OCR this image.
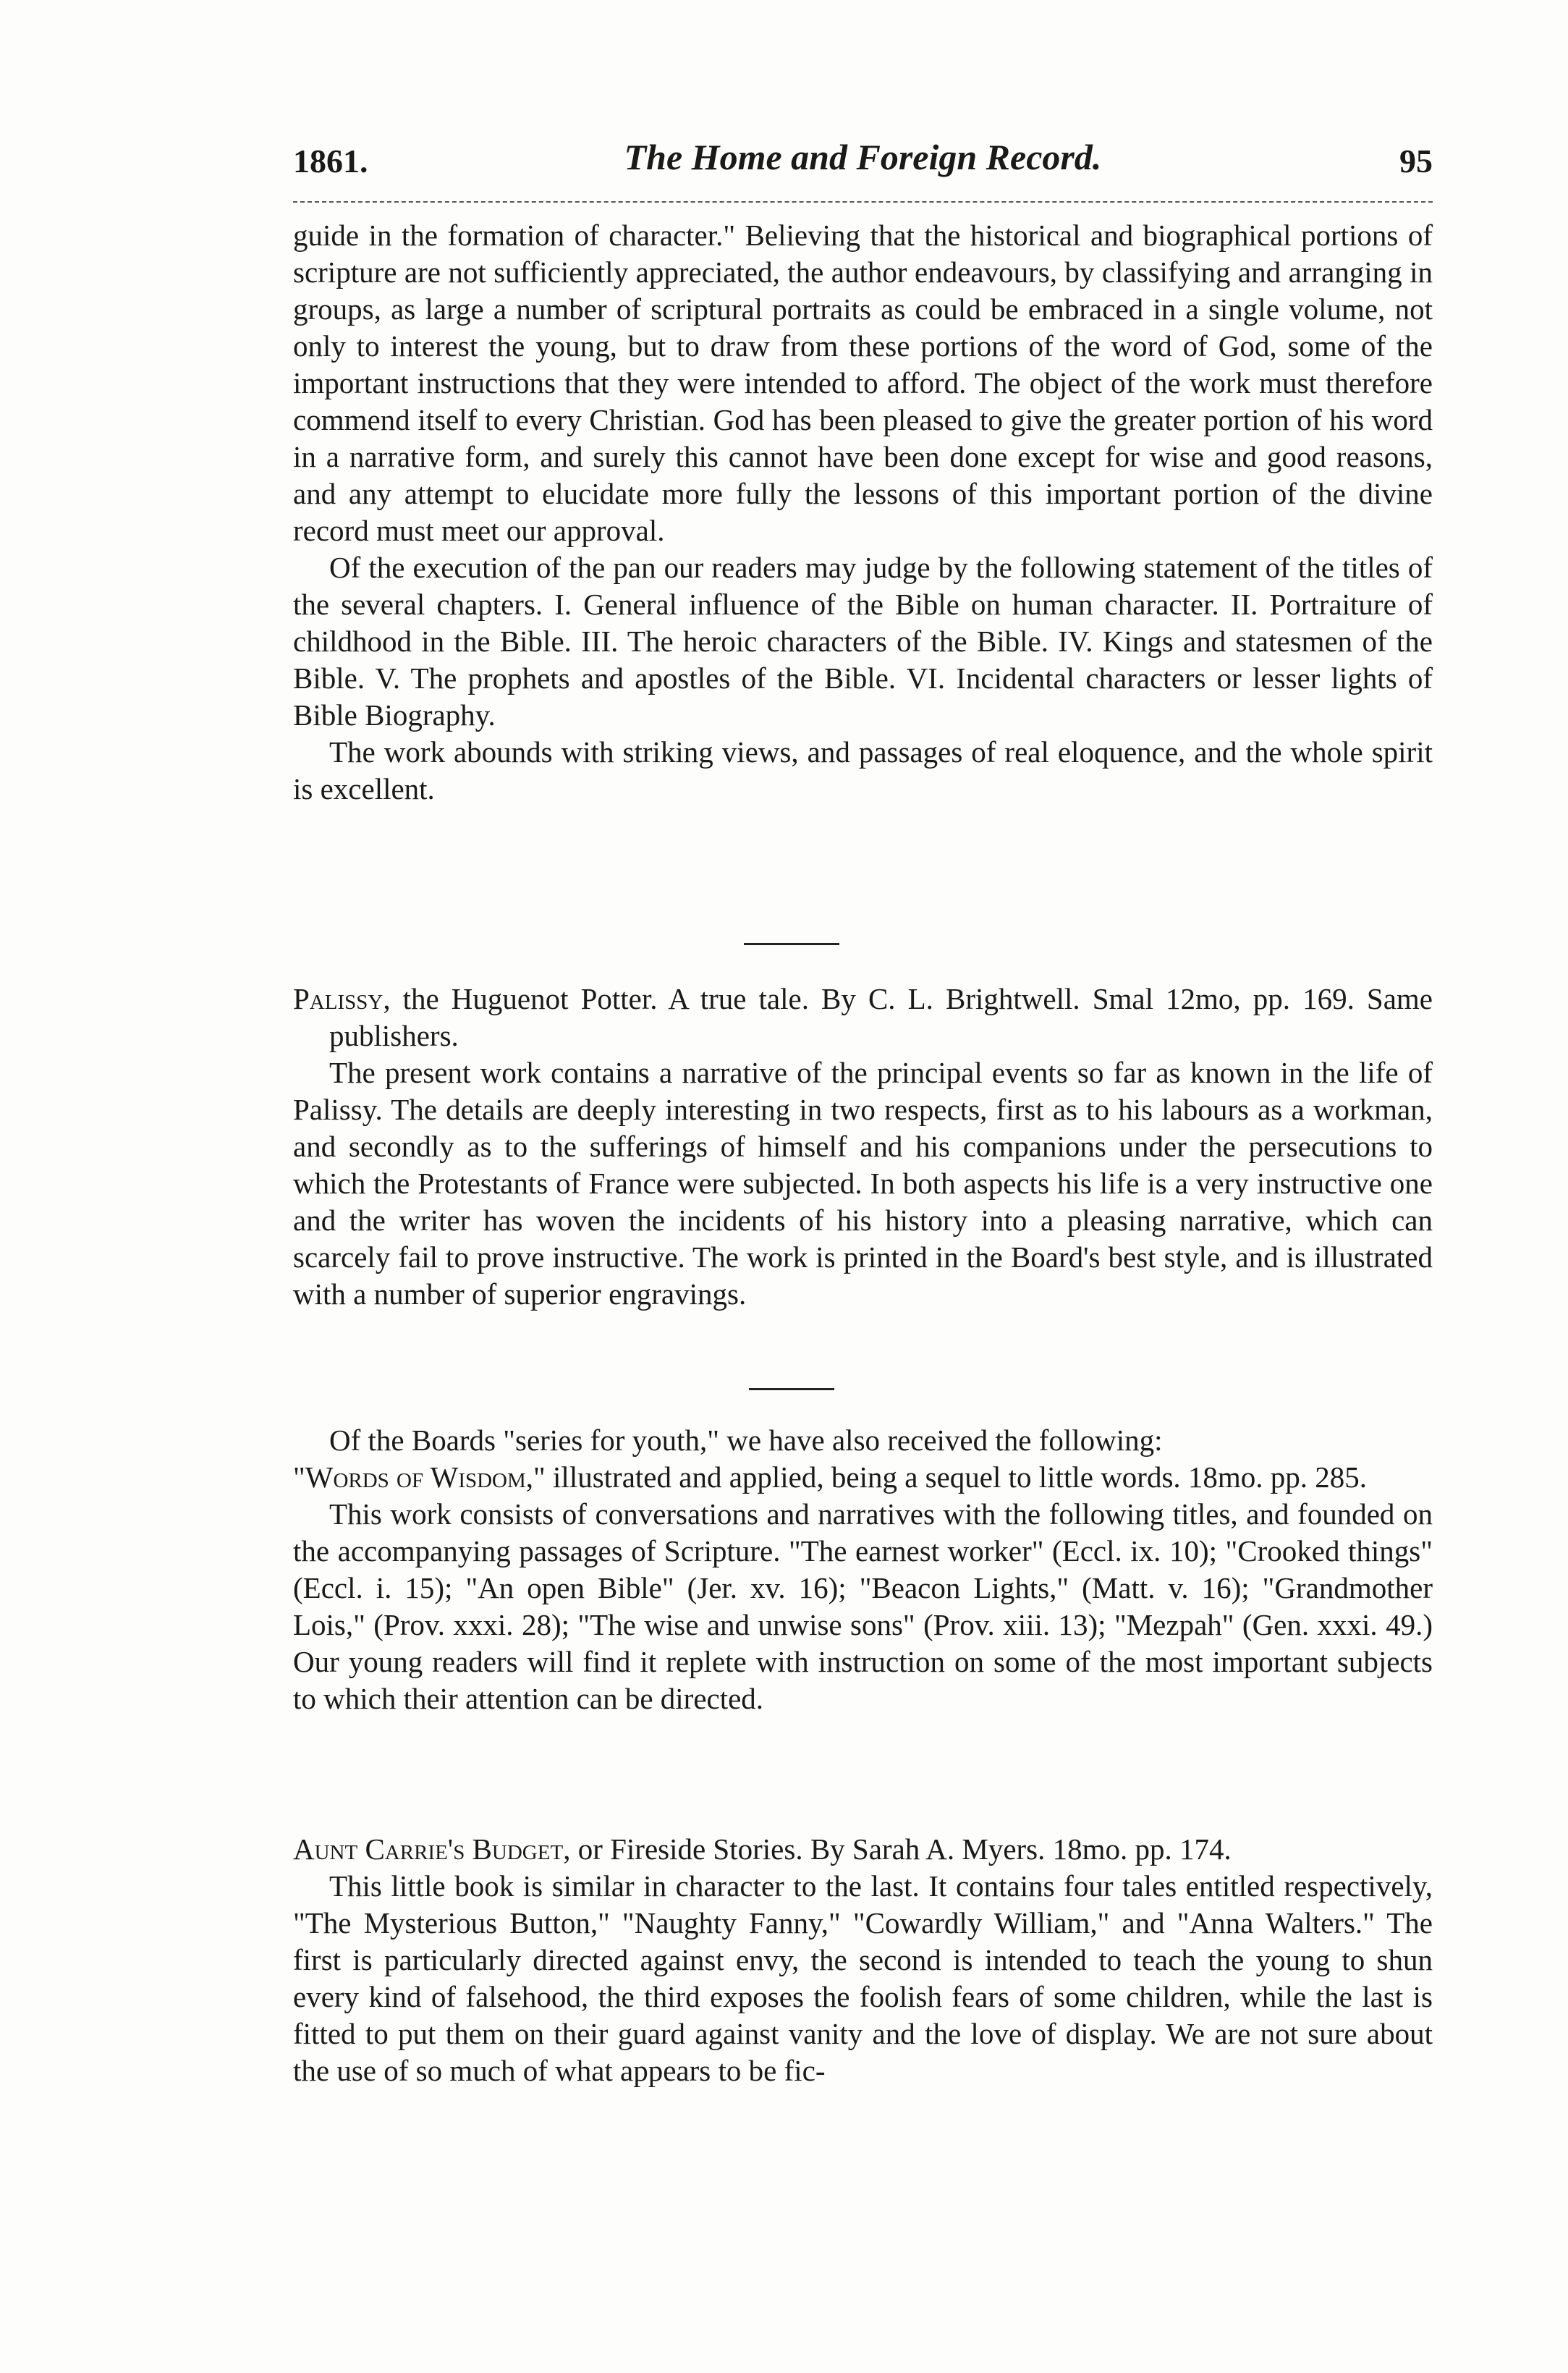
1861.	The Home and Foreign Record.	95

guide in the formation of character." Believing that the historical and biographical portions of scripture are not sufficiently appreciated, the author endeavours, by classifying and arranging in groups, as large a number of scriptural portraits as could be embraced in a single volume, not only to interest the young, but to draw from these portions of the word of God, some of the important instructions that they were intended to afford. The object of the work must therefore commend itself to every Christian. God has been pleased to give the greater portion of his word in a narrative form, and surely this cannot have been done except for wise and good reasons, and any attempt to elucidate more fully the lessons of this important portion of the divine record must meet our approval.

Of the execution of the pan our readers may judge by the following statement of the titles of the several chapters. I. General influence of the Bible on human character. II. Portraiture of childhood in the Bible. III. The heroic characters of the Bible. IV. Kings and statesmen of the Bible. V. The prophets and apostles of the Bible. VI. Incidental characters or lesser lights of Bible Biography.

The work abounds with striking views, and passages of real eloquence, and the whole spirit is excellent.

Palissy, the Huguenot Potter. A true tale. By C. L. Brightwell. Smal 12mo, pp. 169. Same publishers.

The present work contains a narrative of the principal events so far as known in the life of Palissy. The details are deeply interesting in two respects, first as to his labours as a workman, and secondly as to the sufferings of himself and his companions under the persecutions to which the Protestants of France were subjected. In both aspects his life is a very instructive one and the writer has woven the incidents of his history into a pleasing narrative, which can scarcely fail to prove instructive. The work is printed in the Board's best style, and is illustrated with a number of superior engravings.

Of the Boards "series for youth," we have also received the following:

"Words of Wisdom," illustrated and applied, being a sequel to little words. 18mo. pp. 285.

This work consists of conversations and narratives with the following titles, and founded on the accompanying passages of Scripture. "The earnest worker" (Eccl. ix. 10); "Crooked things" (Eccl. i. 15); "An open Bible" (Jer. xv. 16); "Beacon Lights," (Matt. v. 16); "Grandmother Lois," (Prov. xxxi. 28); "The wise and unwise sons" (Prov. xiii. 13); "Mezpah" (Gen. xxxi. 49.) Our young readers will find it replete with instruction on some of the most important subjects to which their attention can be directed.

Aunt Carrie's Budget, or Fireside Stories. By Sarah A. Myers. 18mo. pp. 174.

This little book is similar in character to the last. It contains four tales entitled respectively, "The Mysterious Button," "Naughty Fanny," "Cowardly William," and "Anna Walters." The first is particularly directed against envy, the second is intended to teach the young to shun every kind of falsehood, the third exposes the foolish fears of some children, while the last is fitted to put them on their guard against vanity and the love of display. We are not sure about the use of so much of what appears to be fic-
